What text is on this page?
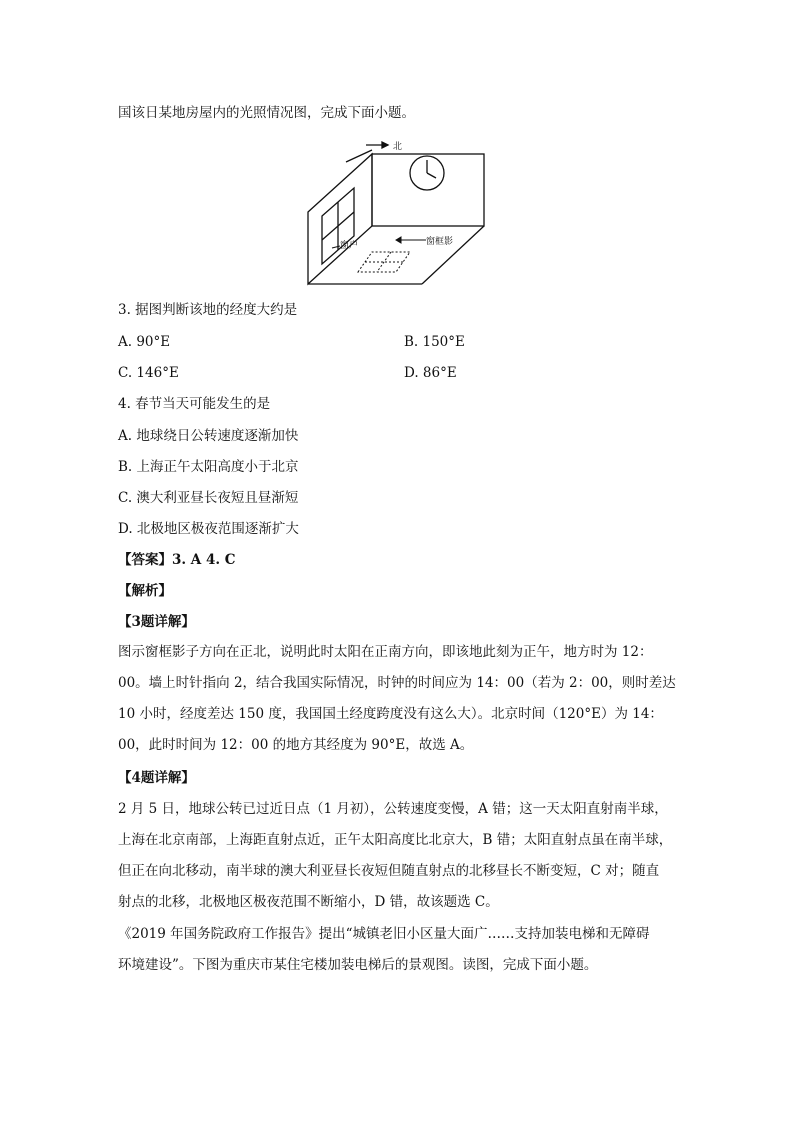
国该日某地房屋内的光照情况图，完成下面小题。
北
窗户	窗框影
3. 据图判断该地的经度大约是
A. 90°E	B. 150°E
C. 146°E	D. 86°E
4. 春节当天可能发生的是
A. 地球绕日公转速度逐渐加快
B. 上海正午太阳高度小于北京
C. 澳大利亚昼长夜短且昼渐短
D. 北极地区极夜范围逐渐扩大
【答案】3. A 4. C
【解析】
【3题详解】
图示窗框影子方向在正北，说明此时太阳在正南方向，即该地此刻为正午，地方时为 12：
00。墙上时针指向 2，结合我国实际情况，时钟的时间应为 14：00（若为 2：00，则时差达
10 小时，经度差达 150 度，我国国土经度跨度没有这么大）。北京时间（120°E）为 14：
00，此时时间为 12：00 的地方其经度为 90°E，故选 A。
【4题详解】
2 月 5 日，地球公转已过近日点（1 月初），公转速度变慢，A 错；这一天太阳直射南半球，
上海在北京南部，上海距直射点近，正午太阳高度比北京大，B 错；太阳直射点虽在南半球，
但正在向北移动，南半球的澳大利亚昼长夜短但随直射点的北移昼长不断变短，C 对；随直
射点的北移，北极地区极夜范围不断缩小，D 错，故该题选 C。
《2019 年国务院政府工作报告》提出“城镇老旧小区量大面广……支持加装电梯和无障碍
环境建设”。下图为重庆市某住宅楼加装电梯后的景观图。读图，完成下面小题。
